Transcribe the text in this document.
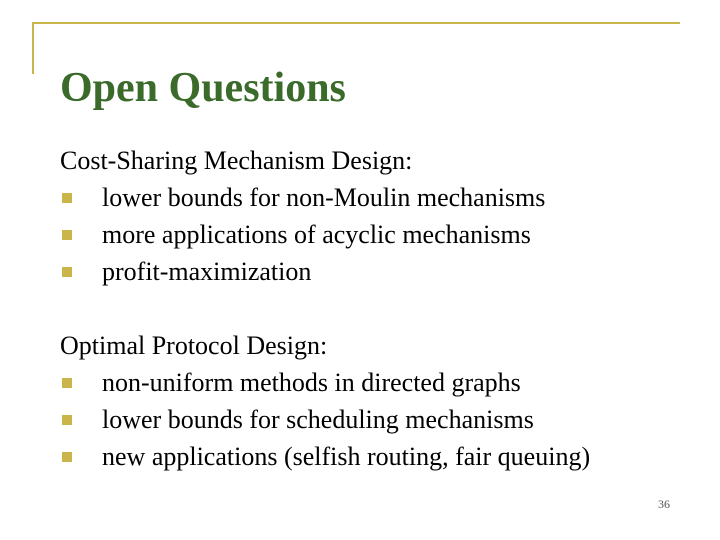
Open Questions
Cost-Sharing Mechanism Design:
lower bounds for non-Moulin mechanisms
more applications of acyclic mechanisms
profit-maximization
Optimal Protocol Design:
non-uniform methods in directed graphs
lower bounds for scheduling mechanisms
new applications (selfish routing, fair queuing)
36
